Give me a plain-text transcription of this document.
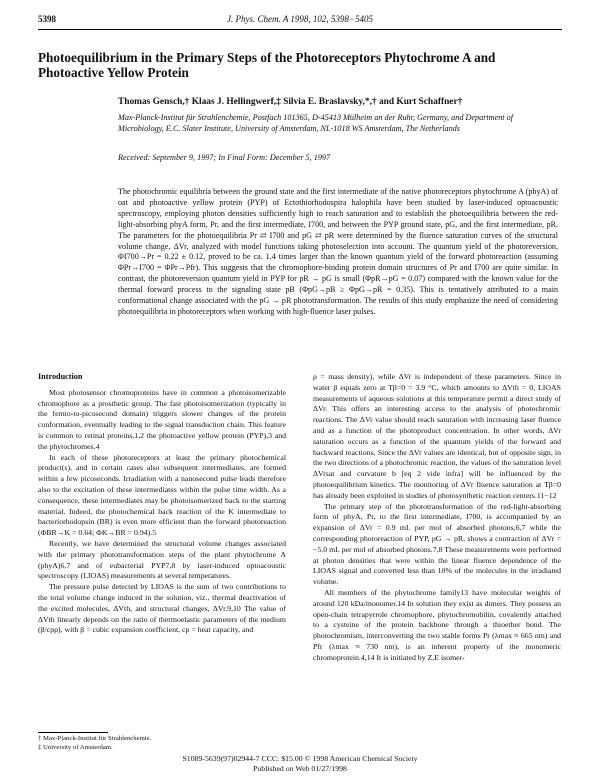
5398	J. Phys. Chem. A 1998, 102, 5398−5405
Photoequilibrium in the Primary Steps of the Photoreceptors Phytochrome A and Photoactive Yellow Protein
Thomas Gensch,† Klaas J. Hellingwerf,‡ Silvia E. Braslavsky,*,† and Kurt Schaffner†
Max-Planck-Institut für Strahlenchemie, Postfach 101365, D-45413 Mülheim an der Ruhr, Germany, and Department of Microbiology, E.C. Slater Institute, University of Amsterdam, NL-1018 WS Amsterdam, The Netherlands
Received: September 9, 1997; In Final Form: December 5, 1997

The photochromic equilibria between the ground state and the first intermediate of the native photoreceptors phytochrome A (phyA) of oat and photoactive yellow protein (PYP) of Ectothiorhodospira halophila have been studied by laser-induced optoacoustic spectroscopy, employing photon densities sufficiently high to reach saturation and to establish the photoequilibria between the red-light-absorbing phyA form, Pr, and the first intermediate, I700, and between the PYP ground state, pG, and the first intermediate, pR. The parameters for the photoequilibria Pr ⇄ I700 and pG ⇄ pR were determined by the fluence saturation curves of the structural volume change, ΔVr, analyzed with model functions taking photoselection into account. The quantum yield of the photoreversion, ΦI700→Pr = 0.22 ± 0.12, proved to be ca. 1.4 times larger than the known quantum yield of the forward photoreaction (assuming ΦPr→I700 = ΦPr→Pfr). This suggests that the chromophore-binding protein domain structures of Pr and I700 are quite similar. In contrast, the photoreversion quantum yield in PYP for pR → pG is small (ΦpR→pG = 0.07) compared with the known value for the thermal forward process to the signaling state pB (ΦpG→pB ≥ ΦpG→pR = 0.35). This is tentatively attributed to a main conformational change associated with the pG → pR phototransformation. The results of this study emphasize the need of considering photoequilibria in photoreceptors when working with high-fluence laser pulses.

Introduction

Most photosensor chromoproteins have in common a photoisomerizable chromophore as a prosthetic group. The fast photoisomerization (typically in the femto-to-picosecond domain) triggers slower changes of the protein conformation, eventually leading to the signal transduction chain. This feature is common to retinal proteins,1,2 the photoactive yellow protein (PYP),3 and the phytochromes.4

In each of these photoreceptors at least the primary photochemical product(s), and in certain cases also subsequent intermediates, are formed within a few picoseconds. Irradiation with a nanosecond pulse leads therefore also to the excitation of these intermediates within the pulse time width. As a consequence, these intermediates may be photoisomerized back to the starting material. Indeed, the photochemical back reaction of the K intermediate to bacteriorhodopsin (BR) is even more efficient than the forward photoreaction (ΦBR→K = 0.64; ΦK→BR = 0.94).5

Recently, we have determined the structural volume changes associated with the primary phototransformation steps of the plant phytochrome A (phyA)6,7 and of eubacterial PYP7,8 by laser-induced optoacoustic spectroscopy (LIOAS) measurements at several temperatures.

The pressure pulse detected by LIOAS is the sum of two contributions to the total volume change induced in the solution, viz., thermal deactivation of the excited molecules, ΔVth, and structural changes, ΔVr.9,10 The value of ΔVth linearly depends on the ratio of thermoelastic parameters of the medium (β/cpρ), with β = cubic expansion coefficient, cp = heat capacity, and

ρ = mass density), while ΔVr is independent of these parameters. Since in water β equals zero at Tβ=0 = 3.9 °C, which amounts to ΔVth = 0, LIOAS measurements of aqueous solutions at this temperature permit a direct study of ΔVr. This offers an interesting access to the analysis of photochromic reactions. The ΔVr value should reach saturation with increasing laser fluence and as a function of the photoproduct concentration. In other words, ΔVr saturation occurs as a function of the quantum yields of the forward and backward reactions. Since the ΔVr values are identical, but of opposite sign, in the two directions of a photochromic reaction, the values of the saturation level ΔVrsat and curvature b [eq 2 vide infra] will be influenced by the photoequilibrium kinetics. The monitoring of ΔVr fluence saturation at Tβ=0 has already been exploited in studies of photosynthetic reaction centers.11−12

The primary step of the phototransformation of the red-light-absorbing form of phyA, Pr, to the first intermediate, I700, is accompanied by an expansion of ΔVr = 0.9 mL per mol of absorbed photons,6,7 while the corresponding photoreaction of PYP, pG → pR, shows a contraction of ΔVr = −5.0 mL per mol of absorbed photons.7,8 These measurements were performed at photon densities that were within the linear fluence dependence of the LIOAS signal and converted less than 10% of the molecules in the irradiated volume.

All members of the phytochrome family13 have molecular weights of around 120 kDa/monomer.14 In solution they exist as dimers. They possess an open-chain tetrapyrrole chromophore, phytochromobilin, covalently attached to a cysteine of the protein backbone through a thioether bond. The photochromism, interconverting the two stable forms Pr (λmax ≈ 665 nm) and Pfr (λmax ≈ 730 nm), is an inherent property of the monomeric chromoprotein.4,14 It is initiated by Z,E isomer-

† Max-Planck-Institut für Strahlenchemie.
‡ University of Amsterdam.
S1089-5639(97)02944-7 CCC: $15.00 © 1998 American Chemical Society
Published on Web 01/27/1998
